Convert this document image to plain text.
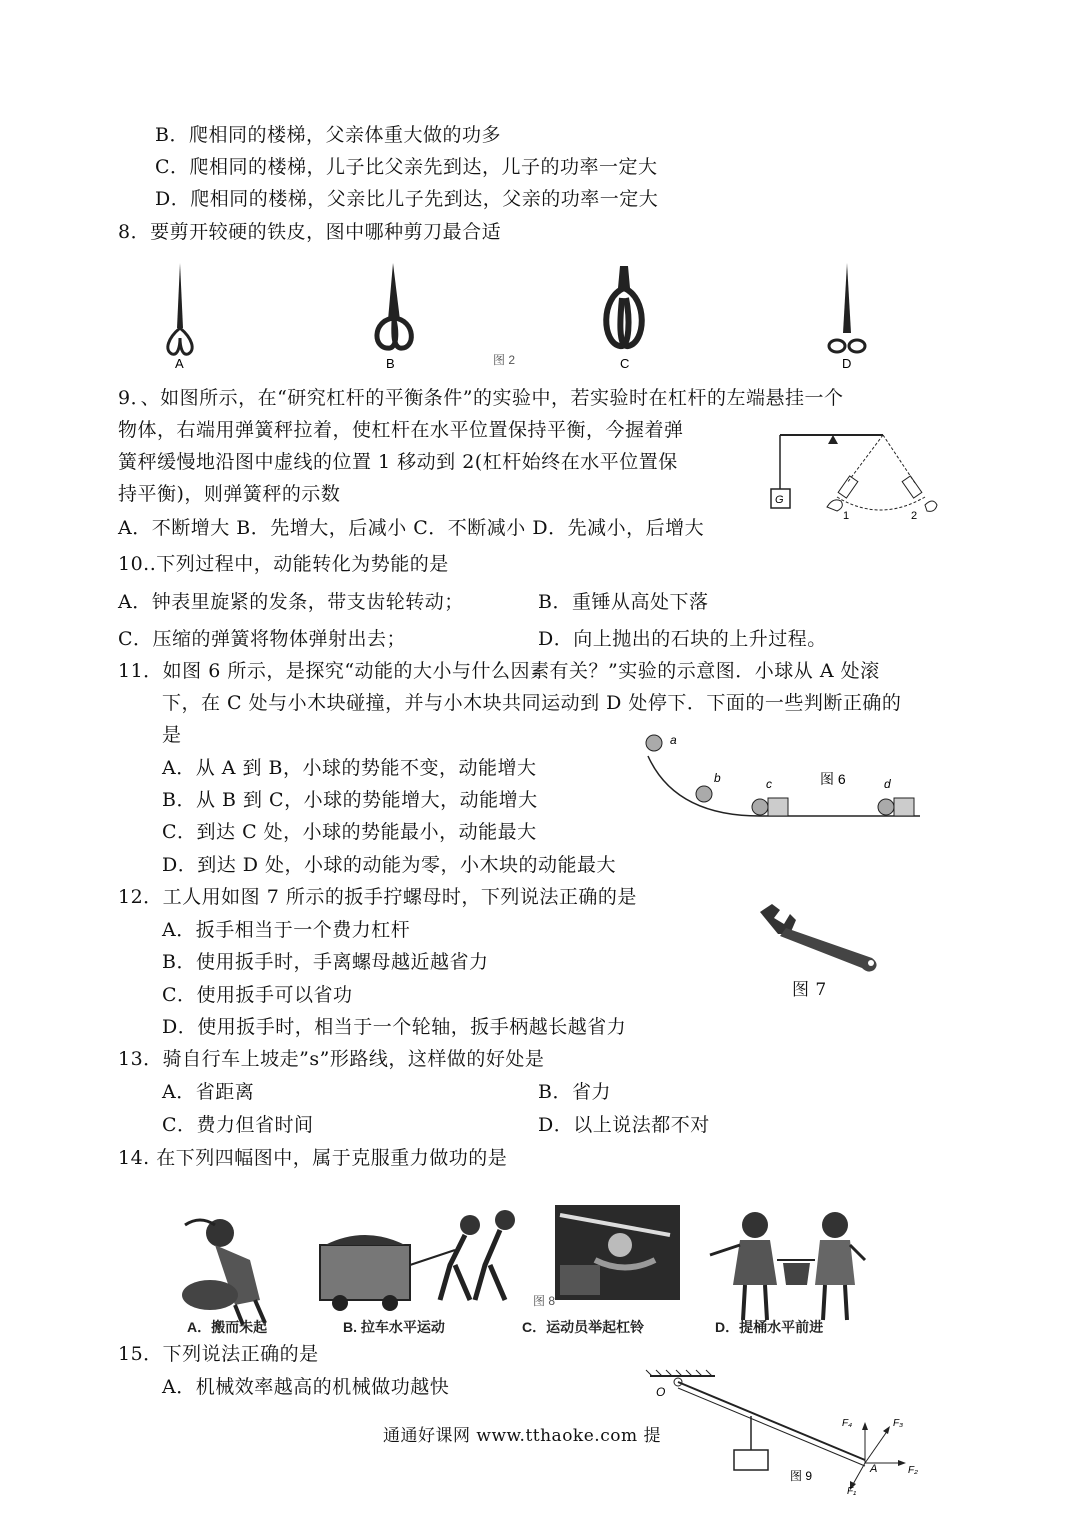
B．爬相同的楼梯，父亲体重大做的功多
C．爬相同的楼梯，儿子比父亲先到达，儿子的功率一定大
D．爬相同的楼梯，父亲比儿子先到达，父亲的功率一定大
8．要剪开较硬的铁皮，图中哪种剪刀最合适
A	B	图 2	C	D
9．、如图所示，在“研究杠杆的平衡条件”的实验中，若实验时在杠杆的左端悬挂一个
物体，右端用弹簧秤拉着，使杠杆在水平位置保持平衡，今握着弹
簧秤缓慢地沿图中虚线的位置 1 移动到 2(杠杆始终在水平位置保
持平衡)，则弹簧秤的示数
A．不断增大 B．先增大，后减小 C．不断减小 D．先减小，后增大
G
1	2
10..下列过程中，动能转化为势能的是
A．钟表里旋紧的发条，带支齿轮转动；	B．重锤从高处下落
C．压缩的弹簧将物体弹射出去；	D．向上抛出的石块的上升过程。
11．如图 6 所示，是探究“动能的大小与什么因素有关？”实验的示意图．小球从 A 处滚
下，在 C 处与小木块碰撞，并与小木块共同运动到 D 处停下．下面的一些判断正确的
是
A．从 A 到 B，小球的势能不变，动能增大
B．从 B 到 C，小球的势能增大，动能增大
C．到达 C 处，小球的势能最小，动能最大
D．到达 D 处，小球的动能为零，小木块的动能最大
a
b	c	图 6	d
12．工人用如图 7 所示的扳手拧螺母时，下列说法正确的是
A．扳手相当于一个费力杠杆
B．使用扳手时，手离螺母越近越省力
C．使用扳手可以省功
D．使用扳手时，相当于一个轮轴，扳手柄越长越省力
图 7
13．骑自行车上坡走”s”形路线，这样做的好处是
A．省距离	B．省力
C．费力但省时间	D．以上说法都不对
14. 在下列四幅图中，属于克服重力做功的是
图 8
A．搬而未起	B. 拉车水平运动	C．运动员举起杠铃	D．提桶水平前进
15．下列说法正确的是
A．机械效率越高的机械做功越快	O
F₄	F₃
F₂
A
图 9
F₁
通通好课网 www.tthaoke.com 提
